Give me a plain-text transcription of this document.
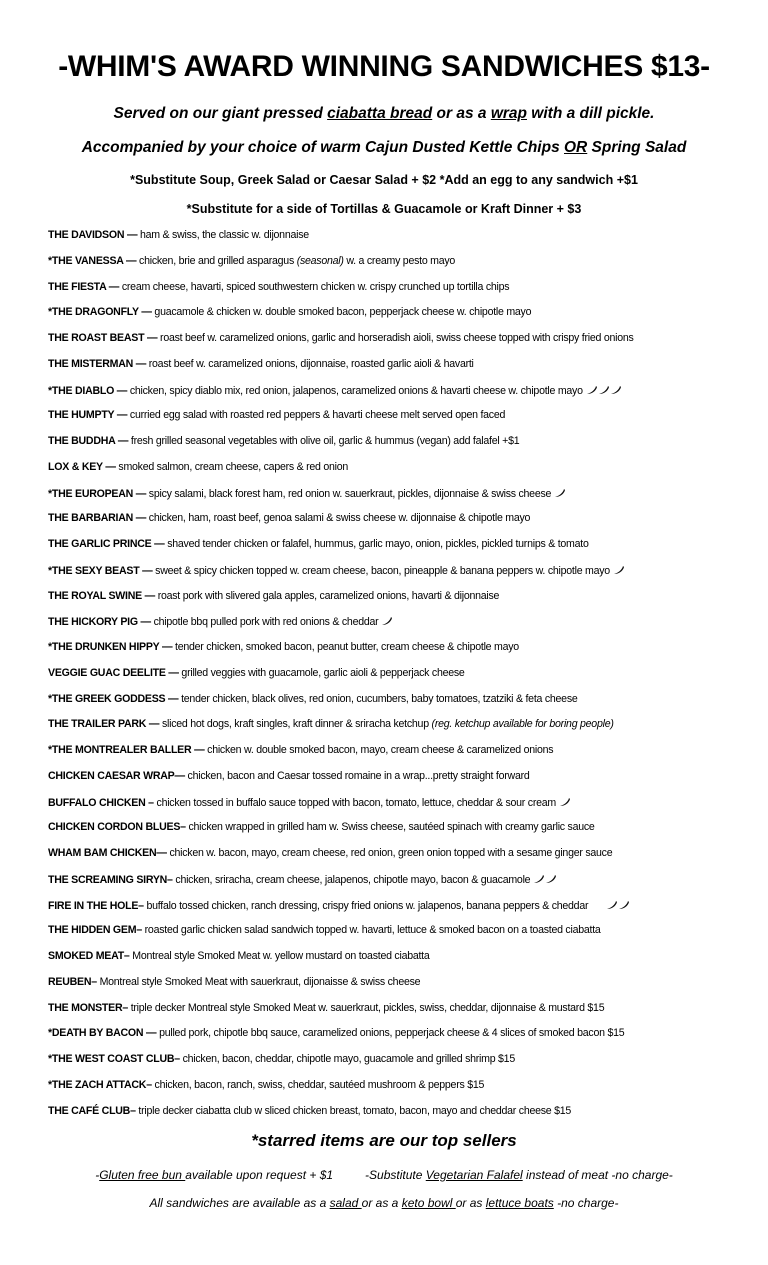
-WHIM'S AWARD WINNING SANDWICHES $13-
Served on our giant pressed ciabatta bread or as a wrap with a dill pickle.
Accompanied by your choice of warm Cajun Dusted Kettle Chips OR Spring Salad
*Substitute Soup, Greek Salad or Caesar Salad + $2 *Add an egg to any sandwich +$1
*Substitute for a side of Tortillas & Guacamole or Kraft Dinner + $3
THE DAVIDSON — ham & swiss, the classic w. dijonnaise
*THE VANESSA — chicken, brie and grilled asparagus (seasonal) w. a creamy pesto mayo
THE FIESTA — cream cheese, havarti, spiced southwestern chicken w. crispy crunched up tortilla chips
*THE DRAGONFLY — guacamole & chicken w. double smoked bacon, pepperjack cheese w. chipotle mayo
THE ROAST BEAST — roast beef w. caramelized onions, garlic and horseradish aioli, swiss cheese topped with crispy fried onions
THE MISTERMAN — roast beef w. caramelized onions, dijonnaise, roasted garlic aioli & havarti
*THE DIABLO — chicken, spicy diablo mix, red onion, jalapenos, caramelized onions & havarti cheese w. chipotle mayo
THE HUMPTY — curried egg salad with roasted red peppers & havarti cheese melt served open faced
THE BUDDHA — fresh grilled seasonal vegetables with olive oil, garlic & hummus (vegan) add falafel +$1
LOX & KEY — smoked salmon, cream cheese, capers & red onion
*THE EUROPEAN — spicy salami, black forest ham, red onion w. sauerkraut, pickles, dijonnaise & swiss cheese
THE BARBARIAN — chicken, ham, roast beef, genoa salami & swiss cheese w. dijonnaise & chipotle mayo
THE GARLIC PRINCE — shaved tender chicken or falafel, hummus, garlic mayo, onion, pickles, pickled turnips & tomato
*THE SEXY BEAST — sweet & spicy chicken topped w. cream cheese, bacon, pineapple & banana peppers w. chipotle mayo
THE ROYAL SWINE — roast pork with slivered gala apples, caramelized onions, havarti & dijonnaise
THE HICKORY PIG — chipotle bbq pulled pork with red onions & cheddar
*THE DRUNKEN HIPPY — tender chicken, smoked bacon, peanut butter, cream cheese & chipotle mayo
VEGGIE GUAC DEELITE — grilled veggies with guacamole, garlic aioli & pepperjack cheese
*THE GREEK GODDESS — tender chicken, black olives, red onion, cucumbers, baby tomatoes, tzatziki & feta cheese
THE TRAILER PARK — sliced hot dogs, kraft singles, kraft dinner & sriracha ketchup (reg. ketchup available for boring people)
*THE MONTREALER BALLER — chicken w. double smoked bacon, mayo, cream cheese & caramelized onions
CHICKEN CAESAR WRAP— chicken, bacon and Caesar tossed romaine in a wrap...pretty straight forward
BUFFALO CHICKEN – chicken tossed in buffalo sauce topped with bacon, tomato, lettuce, cheddar & sour cream
CHICKEN CORDON BLUES– chicken wrapped in grilled ham w. Swiss cheese, sautéed spinach with creamy garlic sauce
WHAM BAM CHICKEN— chicken w. bacon, mayo, cream cheese, red onion, green onion topped with a sesame ginger sauce
THE SCREAMING SIRYN– chicken, sriracha, cream cheese, jalapenos, chipotle mayo, bacon & guacamole
FIRE IN THE HOLE– buffalo tossed chicken, ranch dressing, crispy fried onions w. jalapenos, banana peppers & cheddar
THE HIDDEN GEM– roasted garlic chicken salad sandwich topped w. havarti, lettuce & smoked bacon on a toasted ciabatta
SMOKED MEAT– Montreal style Smoked Meat w. yellow mustard on toasted ciabatta
REUBEN– Montreal style Smoked Meat with sauerkraut, dijonaisse & swiss cheese
THE MONSTER– triple decker Montreal style Smoked Meat w. sauerkraut, pickles, swiss, cheddar, dijonnaise & mustard $15
*DEATH BY BACON — pulled pork, chipotle bbq sauce, caramelized onions, pepperjack cheese & 4 slices of smoked bacon $15
*THE WEST COAST CLUB– chicken, bacon, cheddar, chipotle mayo, guacamole and grilled shrimp $15
*THE ZACH ATTACK– chicken, bacon, ranch, swiss, cheddar, sautéed mushroom & peppers $15
THE CAFÉ CLUB– triple decker ciabatta club w sliced chicken breast, tomato, bacon, mayo and cheddar cheese $15
*starred items are our top sellers
-Gluten free bun available upon request + $1	-Substitute Vegetarian Falafel instead of meat -no charge-
All sandwiches are available as a salad or as a keto bowl or as lettuce boats -no charge-
